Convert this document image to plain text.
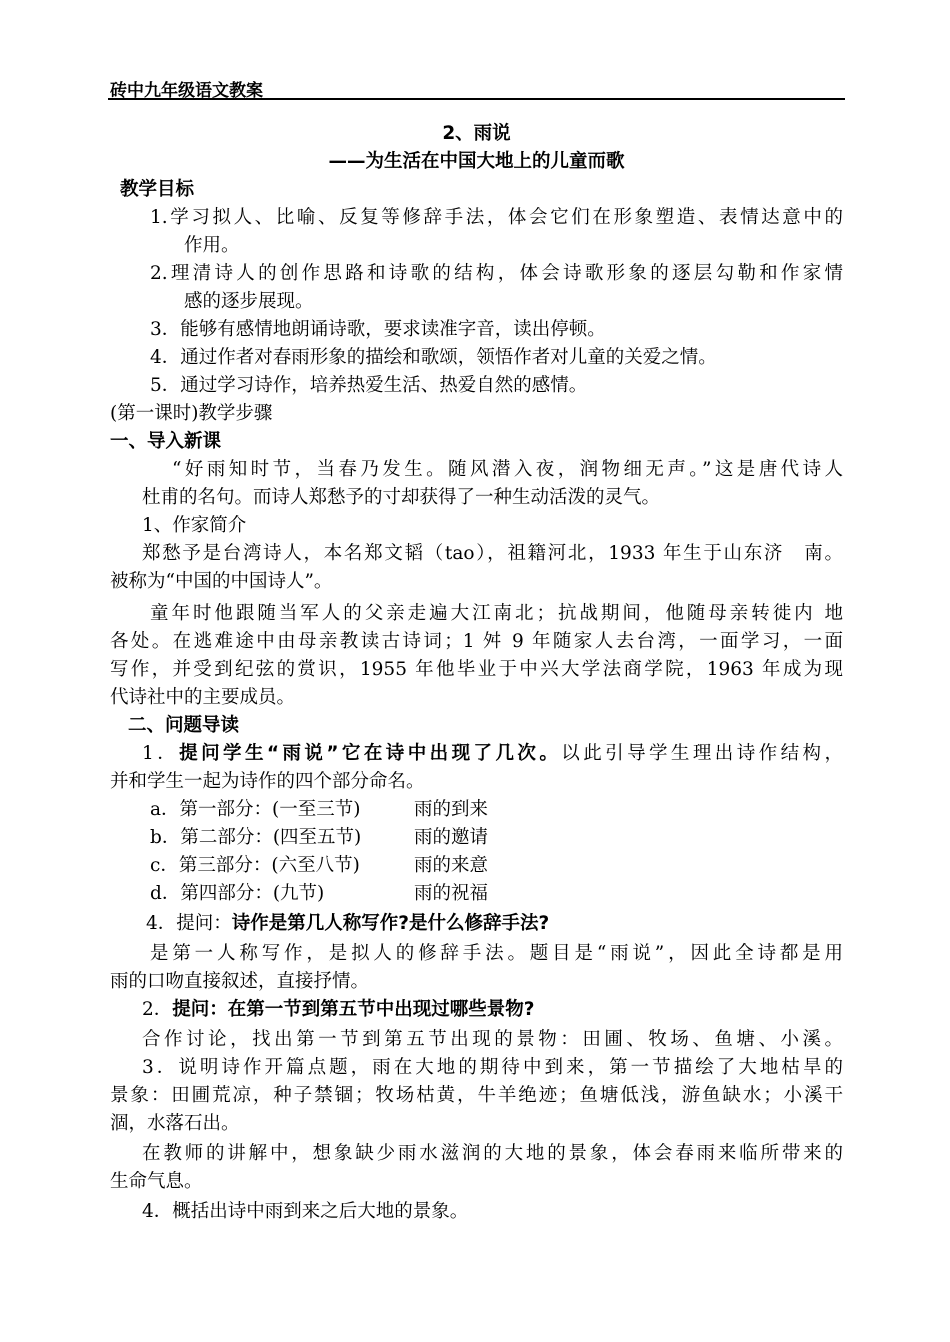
砖中九年级语文教案
2、雨说
——为生活在中国大地上的儿童而歌
教学目标
1.学习拟人、比喻、反复等修辞手法，体会它们在形象塑造、表情达意中的
作用。
2.理清诗人的创作思路和诗歌的结构，体会诗歌形象的逐层勾勒和作家情
感的逐步展现。
3．能够有感情地朗诵诗歌，要求读准字音，读出停顿。
4．通过作者对春雨形象的描绘和歌颂，领悟作者对儿童的关爱之情。
5．通过学习诗作，培养热爱生活、热爱自然的感情。
(第一课时)教学步骤
一、导入新课
“好雨知时节，当春乃发生。随风潜入夜，润物细无声。”这是唐代诗人
杜甫的名句。而诗人郑愁予的寸却获得了一种生动活泼的灵气。
1、作家简介
郑愁予是台湾诗人，本名郑文韬（tao），祖籍河北，1933 年生于山东济　南。
被称为“中国的中国诗人”。
童年时他跟随当军人的父亲走遍大江南北；抗战期间，他随母亲转徙内 地
各处。在逃难途中由母亲教读古诗词；1 舛 9 年随家人去台湾，一面学习，一面
写作，并受到纪弦的赏识，1955 年他毕业于中兴大学法商学院，1963 年成为现
代诗社中的主要成员。
二、问题导读
1．提问学生“雨说”它在诗中出现了几次。以此引导学生理出诗作结构，
并和学生一起为诗作的四个部分命名。
a．第一部分：(一至三节)	雨的到来
b．第二部分：(四至五节)	雨的邀请
c．第三部分：(六至八节)	雨的来意
d．第四部分：(九节)	雨的祝福
4．提问：诗作是第几人称写作?是什么修辞手法?
是第一人称写作，是拟人的修辞手法。题目是“雨说”，因此全诗都是用
雨的口吻直接叙述，直接抒情。
2．提问：在第一节到第五节中出现过哪些景物?
合作讨论，找出第一节到第五节出现的景物：田圃、牧场、鱼塘、小溪。
3．说明诗作开篇点题，雨在大地的期待中到来，第一节描绘了大地枯旱的
景象：田圃荒凉，种子禁锢；牧场枯黄，牛羊绝迹；鱼塘低浅，游鱼缺水；小溪干
涸，水落石出。
在教师的讲解中，想象缺少雨水滋润的大地的景象，体会春雨来临所带来的
生命气息。
4．概括出诗中雨到来之后大地的景象。
